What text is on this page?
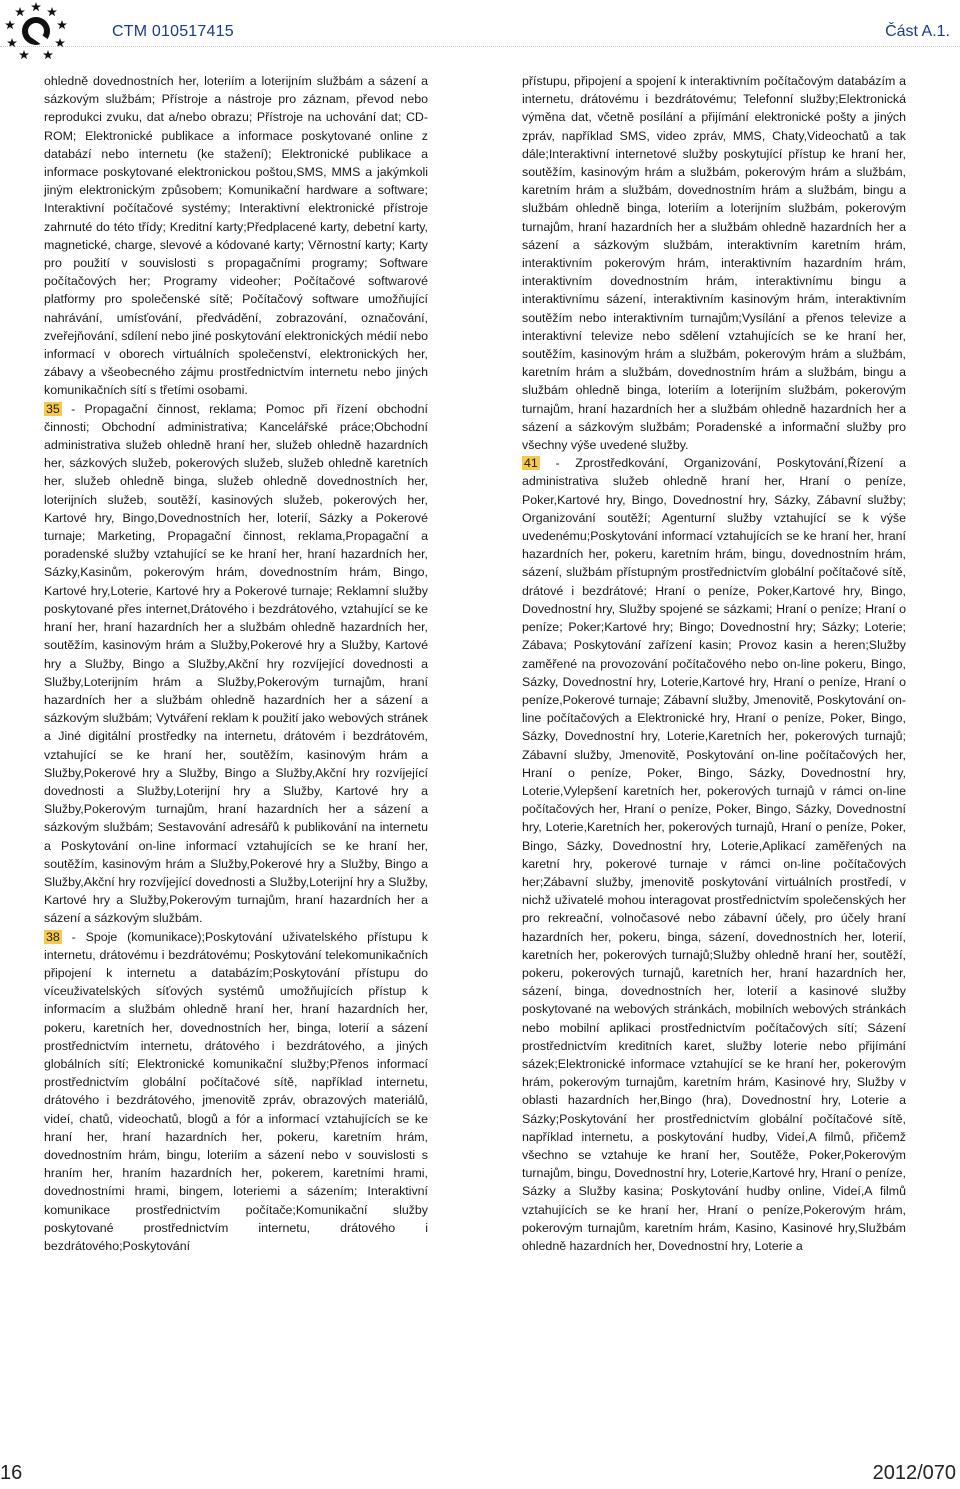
CTM 010517415	Část A.1.

ohledně dovednostních her, loteriím a loterijním službám a sázení a sázkovým službám; Přístroje a nástroje pro záznam, převod nebo reprodukci zvuku, dat a/nebo obrazu; Přístroje na uchování dat; CD-ROM; Elektronické publikace a informace poskytované online z databází nebo internetu (ke stažení); Elektronické publikace a informace poskytované elektronickou poštou,SMS, MMS a jakýmkoli jiným elektronickým způsobem; Komunikační hardware a software; Interaktivní počítačové systémy; Interaktivní elektronické přístroje zahrnuté do této třídy; Kreditní karty;Předplacené karty, debetní karty, magnetické, charge, slevové a kódované karty; Věrnostní karty; Karty pro použití v souvislosti s propagačními programy; Software počítačových her; Programy videoher; Počítačové softwarové platformy pro společenské sítě; Počítačový software umožňující nahrávání, umísťování, předvádění, zobrazování, označování, zveřejňování, sdílení nebo jiné poskytování elektronických médií nebo informací v oborech virtuálních společenství, elektronických her, zábavy a všeobecného zájmu prostřednictvím internetu nebo jiných komunikačních sítí s třetími osobami.

35 - Propagační činnost, reklama; Pomoc při řízení obchodní činnosti; Obchodní administrativa; Kancelářské práce;Obchodní administrativa služeb ohledně hraní her, služeb ohledně hazardních her, sázkových služeb, pokerových služeb, služeb ohledně karetních her, služeb ohledně binga, služeb ohledně dovednostních her, loterijních služeb, soutěží, kasinových služeb, pokerových her, Kartové hry, Bingo,Dovednostních her, loterií, Sázky a Pokerové turnaje; Marketing, Propagační činnost, reklama,Propagační a poradenské služby vztahující se ke hraní her, hraní hazardních her, Sázky,Kasinům, pokerovým hrám, dovednostním hrám, Bingo, Kartové hry,Loterie, Kartové hry a Pokerové turnaje; Reklamní služby poskytované přes internet,Drátového i bezdrátového, vztahující se ke hraní her, hraní hazardních her a službám ohledně hazardních her, soutěžím, kasinovým hrám a Služby,Pokerové hry a Služby, Kartové hry a Služby, Bingo a Služby,Akční hry rozvíjející dovednosti a Služby,Loterijním hrám a Služby,Pokerovým turnajům, hraní hazardních her a službám ohledně hazardních her a sázení a sázkovým službám; Vytváření reklam k použití jako webových stránek a Jiné digitální prostředky na internetu, drátovém i bezdrátovém, vztahující se ke hraní her, soutěžím, kasinovým hrám a Služby,Pokerové hry a Služby, Bingo a Služby,Akční hry rozvíjející dovednosti a Služby,Loterijní hry a Služby, Kartové hry a Služby,Pokerovým turnajům, hraní hazardních her a sázení a sázkovým službám; Sestavování adresářů k publikování na internetu a Poskytování on-line informací vztahujících se ke hraní her, soutěžím, kasinovým hrám a Služby,Pokerové hry a Služby, Bingo a Služby,Akční hry rozvíjející dovednosti a Služby,Loterijní hry a Služby, Kartové hry a Služby,Pokerovým turnajům, hraní hazardních her a sázení a sázkovým službám.

38 - Spoje (komunikace);Poskytování uživatelského přístupu k internetu, drátovému i bezdrátovému; Poskytování telekomunikačních připojení k internetu a databázím;Poskytování přístupu do víceuživatelských síťových systémů umožňujících přístup k informacím a službám ohledně hraní her, hraní hazardních her, pokeru, karetních her, dovednostních her, binga, loterií a sázení prostřednictvím internetu, drátového i bezdrátového, a jiných globálních sítí; Elektronické komunikační služby;Přenos informací prostřednictvím globální počítačové sítě, například internetu, drátového i bezdrátového, jmenovitě zpráv, obrazových materiálů, videí, chatů, videochatů, blogů a fór a informací vztahujících se ke hraní her, hraní hazardních her, pokeru, karetním hrám, dovednostním hrám, bingu, loteriím a sázení nebo v souvislosti s hraním her, hraním hazardních her, pokerem, karetními hrami, dovednostními hrami, bingem, loteriemi a sázením; Interaktivní komunikace prostřednictvím počítače;Komunikační služby poskytované prostřednictvím internetu, drátového i bezdrátového;Poskytování

přístupu, připojení a spojení k interaktivním počítačovým databázím a internetu, drátovému i bezdrátovému; Telefonní služby;Elektronická výměna dat, včetně posílání a přijímání elektronické pošty a jiných zpráv, například SMS, video zpráv, MMS, Chaty,Videochatů a tak dále;Interaktivní internetové služby poskytující přístup ke hraní her, soutěžím, kasinovým hrám a službám, pokerovým hrám a službám, karetním hrám a službám, dovednostním hrám a službám, bingu a službám ohledně binga, loteriím a loterijním službám, pokerovým turnajům, hraní hazardních her a službám ohledně hazardních her a sázení a sázkovým službám, interaktivním karetním hrám, interaktivním pokerovým hrám, interaktivním hazardním hrám, interaktivním dovednostním hrám, interaktivnímu bingu a interaktivnímu sázení, interaktivním kasinovým hrám, interaktivním soutěžím nebo interaktivním turnajům;Vysílání a přenos televize a interaktivní televize nebo sdělení vztahujících se ke hraní her, soutěžím, kasinovým hrám a službám, pokerovým hrám a službám, karetním hrám a službám, dovednostním hrám a službám, bingu a službám ohledně binga, loteriím a loterijním službám, pokerovým turnajům, hraní hazardních her a službám ohledně hazardních her a sázení a sázkovým službám; Poradenské a informační služby pro všechny výše uvedené služby.

41 - Zprostředkování, Organizování, Poskytování,Řízení a administrativa služeb ohledně hraní her, Hraní o peníze, Poker,Kartové hry, Bingo, Dovednostní hry, Sázky, Zábavní služby; Organizování soutěží; Agenturní služby vztahující se k výše uvedenému;Poskytování informací vztahujících se ke hraní her, hraní hazardních her, pokeru, karetním hrám, bingu, dovednostním hrám, sázení, službám přístupným prostřednictvím globální počítačové sítě, drátové i bezdrátové; Hraní o peníze, Poker,Kartové hry, Bingo, Dovednostní hry, Služby spojené se sázkami; Hraní o peníze; Hraní o peníze; Poker;Kartové hry; Bingo; Dovednostní hry; Sázky; Loterie; Zábava; Poskytování zařízení kasin; Provoz kasin a heren;Služby zaměřené na provozování počítačového nebo on-line pokeru, Bingo, Sázky, Dovednostní hry, Loterie,Kartové hry, Hraní o peníze, Hraní o peníze,Pokerové turnaje; Zábavní služby, Jmenovitě, Poskytování on-line počítačových a Elektronické hry, Hraní o peníze, Poker, Bingo, Sázky, Dovednostní hry, Loterie,Karetních her, pokerových turnajů; Zábavní služby, Jmenovitě, Poskytování on-line počítačových her, Hraní o peníze, Poker, Bingo, Sázky, Dovednostní hry, Loterie,Vylepšení karetních her, pokerových turnajů v rámci on-line počítačových her, Hraní o peníze, Poker, Bingo, Sázky, Dovednostní hry, Loterie,Karetních her, pokerových turnajů, Hraní o peníze, Poker, Bingo, Sázky, Dovednostní hry, Loterie,Aplikací zaměřených na karetní hry, pokerové turnaje v rámci on-line počítačových her;Zábavní služby, jmenovitě poskytování virtuálních prostředí, v nichž uživatelé mohou interagovat prostřednictvím společenských her pro rekreační, volnočasové nebo zábavní účely, pro účely hraní hazardních her, pokeru, binga, sázení, dovednostních her, loterií, karetních her, pokerových turnajů;Služby ohledně hraní her, soutěží, pokeru, pokerových turnajů, karetních her, hraní hazardních her, sázení, binga, dovednostních her, loterií a kasinové služby poskytované na webových stránkách, mobilních webových stránkách nebo mobilní aplikaci prostřednictvím počítačových sítí; Sázení prostřednictvím kreditních karet, služby loterie nebo přijímání sázek;Elektronické informace vztahující se ke hraní her, pokerovým hrám, pokerovým turnajům, karetním hrám, Kasinové hry, Služby v oblasti hazardních her,Bingo (hra), Dovednostní hry, Loterie a Sázky;Poskytování her prostřednictvím globální počítačové sítě, například internetu, a poskytování hudby, Videí,A filmů, přičemž všechno se vztahuje ke hraní her, Soutěže, Poker,Pokerovým turnajům, bingu, Dovednostní hry, Loterie,Kartové hry, Hraní o peníze, Sázky a Služby kasina; Poskytování hudby online, Videí,A filmů vztahujících se ke hraní her, Hraní o peníze,Pokerovým hrám, pokerovým turnajům, karetním hrám, Kasino, Kasinové hry,Službám ohledně hazardních her, Dovednostní hry, Loterie a

16	2012/070
